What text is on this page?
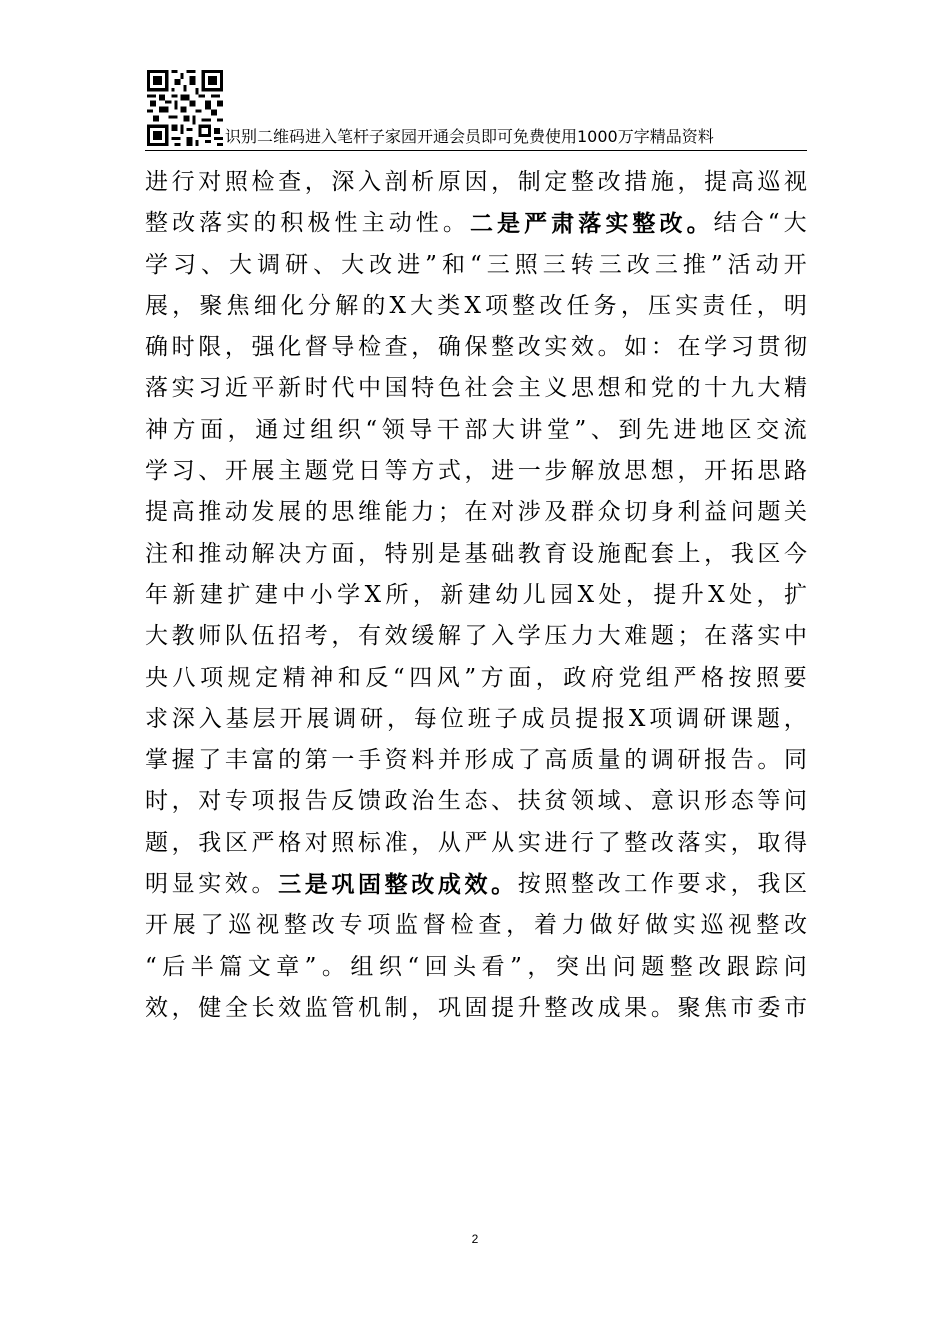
识别二维码进入笔杆子家园开通会员即可免费使用1000万字精品资料
进 行 对 照 检 查 ， 深 入 剖 析 原 因 ， 制 定 整 改 措 施 ， 提 高 巡 视
整 改 落 实 的 积 极 性 主 动 性 。 二 是 严 肃 落 实 整 改 。 结 合 “ 大
学 习 、 大 调 研 、 大 改 进 ” 和 “ 三 照 三 转 三 改 三 推 ” 活 动 开
展 ， 聚 焦 细 化 分 解 的 X 大 类 X 项 整 改 任 务 ， 压 实 责 任 ， 明
确 时 限 ， 强 化 督 导 检 查 ， 确 保 整 改 实 效 。 如 ： 在 学 习 贯 彻
落 实 习 近 平 新 时 代 中 国 特 色 社 会 主 义 思 想 和 党 的 十 九 大 精
神 方 面 ， 通 过 组 织 “ 领 导 干 部 大 讲 堂 ” 、 到 先 进 地 区 交 流
学 习 、 开 展 主 题 党 日 等 方 式 ， 进 一 步 解 放 思 想 ， 开 拓 思 路
提 高 推 动 发 展 的 思 维 能 力 ； 在 对 涉 及 群 众 切 身 利 益 问 题 关
注 和 推 动 解 决 方 面 ， 特 别 是 基 础 教 育 设 施 配 套 上 ， 我 区 今
年 新 建 扩 建 中 小 学 X 所 ， 新 建 幼 儿 园 X 处 ， 提 升 X 处 ， 扩
大 教 师 队 伍 招 考 ， 有 效 缓 解 了 入 学 压 力 大 难 题 ； 在 落 实 中
央 八 项 规 定 精 神 和 反 “ 四 风 ” 方 面 ， 政 府 党 组 严 格 按 照 要
求 深 入 基 层 开 展 调 研 ， 每 位 班 子 成 员 提 报 X 项 调 研 课 题 ，
掌 握 了 丰 富 的 第 一 手 资 料 并 形 成 了 高 质 量 的 调 研 报 告 。 同
时 ， 对 专 项 报 告 反 馈 政 治 生 态 、 扶 贫 领 域 、 意 识 形 态 等 问
题 ， 我 区 严 格 对 照 标 准 ， 从 严 从 实 进 行 了 整 改 落 实 ， 取 得
明 显 实 效 。 三 是 巩 固 整 改 成 效 。 按 照 整 改 工 作 要 求 ， 我 区
开 展 了 巡 视 整 改 专 项 监 督 检 查 ， 着 力 做 好 做 实 巡 视 整 改
“ 后 半 篇 文 章 ” 。 组 织 “ 回 头 看 ” ， 突 出 问 题 整 改 跟 踪 问
效 ， 健 全 长 效 监 管 机 制 ， 巩 固 提 升 整 改 成 果 。 聚 焦 市 委 市
2
